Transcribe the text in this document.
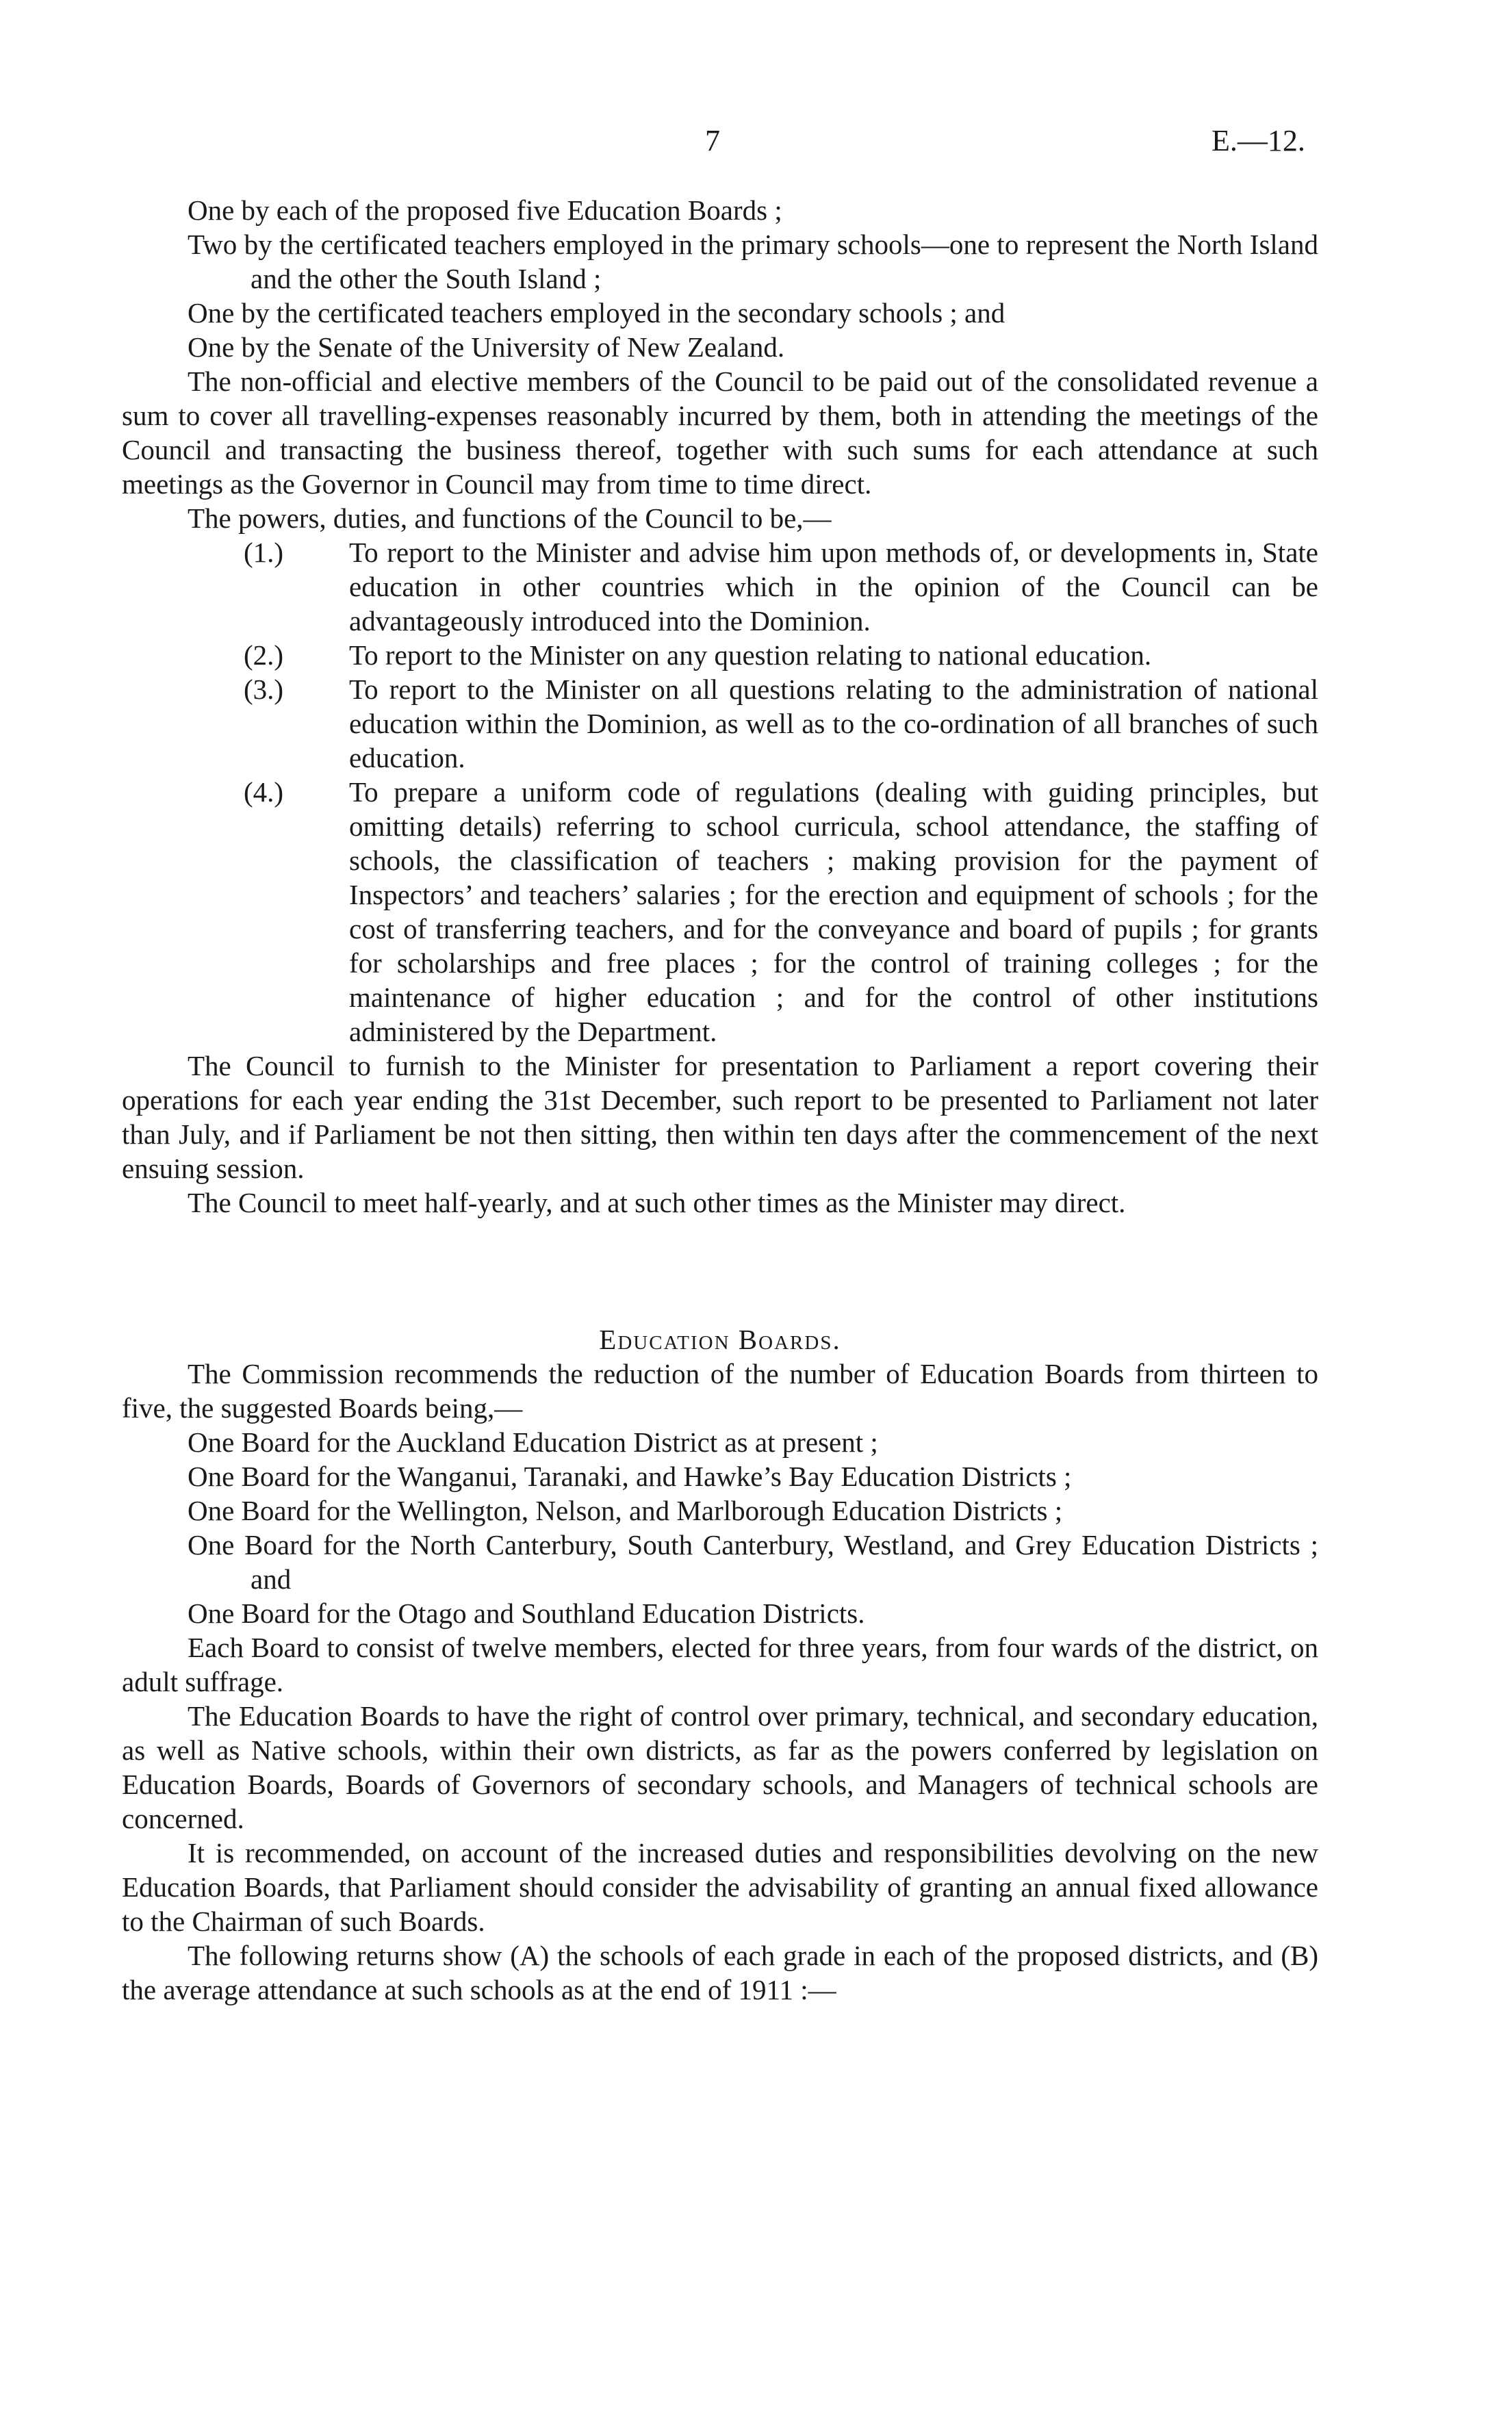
7	E.—12.

One by each of the proposed five Education Boards ;

Two by the certificated teachers employed in the primary schools—one to represent the North Island and the other the South Island ;

One by the certificated teachers employed in the secondary schools ; and

One by the Senate of the University of New Zealand.

The non-official and elective members of the Council to be paid out of the consolidated revenue a sum to cover all travelling-expenses reasonably incurred by them, both in attending the meetings of the Council and transacting the business thereof, together with such sums for each attendance at such meetings as the Governor in Council may from time to time direct.

The powers, duties, and functions of the Council to be,—

(1.) To report to the Minister and advise him upon methods of, or developments in, State education in other countries which in the opinion of the Council can be advantageously introduced into the Dominion.

(2.) To report to the Minister on any question relating to national education.

(3.) To report to the Minister on all questions relating to the administration of national education within the Dominion, as well as to the co-ordination of all branches of such education.

(4.) To prepare a uniform code of regulations (dealing with guiding principles, but omitting details) referring to school curricula, school attendance, the staffing of schools, the classification of teachers ; making provision for the payment of Inspectors’ and teachers’ salaries ; for the erection and equipment of schools ; for the cost of transferring teachers, and for the conveyance and board of pupils ; for grants for scholarships and free places ; for the control of training colleges ; for the maintenance of higher education ; and for the control of other institutions administered by the Department.

The Council to furnish to the Minister for presentation to Parliament a report covering their operations for each year ending the 31st December, such report to be presented to Parliament not later than July, and if Parliament be not then sitting, then within ten days after the commencement of the next ensuing session.

The Council to meet half-yearly, and at such other times as the Minister may direct.

Education Boards.

The Commission recommends the reduction of the number of Education Boards from thirteen to five, the suggested Boards being,—

One Board for the Auckland Education District as at present ;

One Board for the Wanganui, Taranaki, and Hawke’s Bay Education Districts ;

One Board for the Wellington, Nelson, and Marlborough Education Districts ;

One Board for the North Canterbury, South Canterbury, Westland, and Grey Education Districts ; and

One Board for the Otago and Southland Education Districts.

Each Board to consist of twelve members, elected for three years, from four wards of the district, on adult suffrage.

The Education Boards to have the right of control over primary, technical, and secondary education, as well as Native schools, within their own districts, as far as the powers conferred by legislation on Education Boards, Boards of Governors of secondary schools, and Managers of technical schools are concerned.

It is recommended, on account of the increased duties and responsibilities devolving on the new Education Boards, that Parliament should consider the advisability of granting an annual fixed allowance to the Chairman of such Boards.

The following returns show (A) the schools of each grade in each of the proposed districts, and (B) the average attendance at such schools as at the end of 1911 :—
